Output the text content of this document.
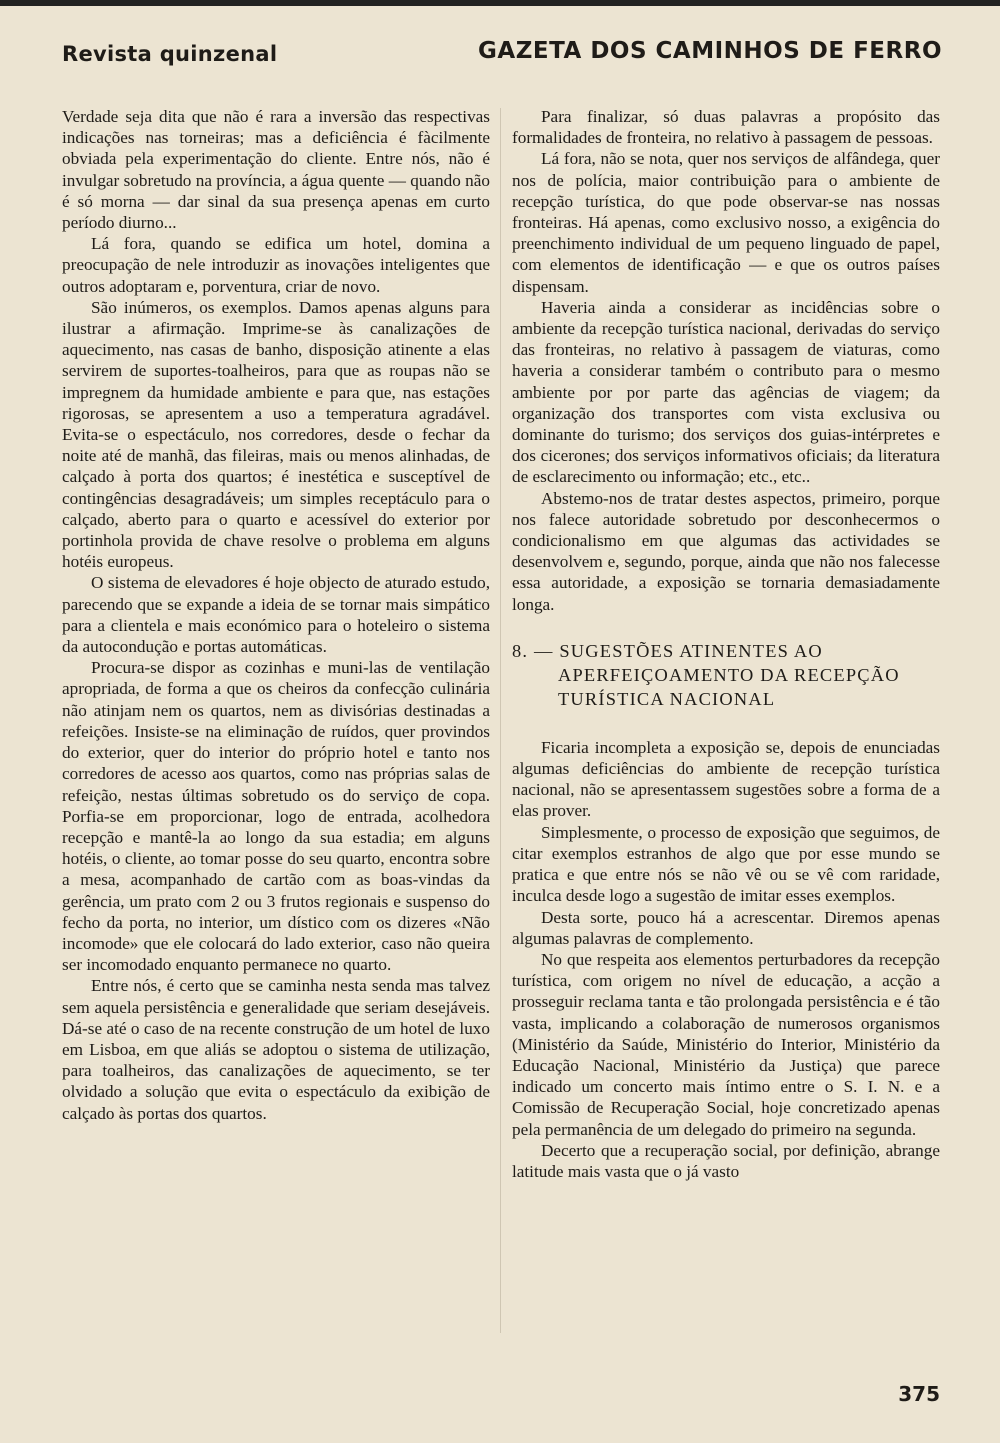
Revista quinzenal	GAZETA DOS CAMINHOS DE FERRO

Verdade seja dita que não é rara a inversão das respectivas indicações nas torneiras; mas a deficiência é fàcilmente obviada pela experimentação do cliente. Entre nós, não é invulgar sobretudo na província, a água quente — quando não é só morna — dar sinal da sua presença apenas em curto período diurno...

Lá fora, quando se edifica um hotel, domina a preocupação de nele introduzir as inovações inteligentes que outros adoptaram e, porventura, criar de novo.

São inúmeros, os exemplos. Damos apenas alguns para ilustrar a afirmação. Imprime-se às canalizações de aquecimento, nas casas de banho, disposição atinente a elas servirem de suportes-toalheiros, para que as roupas não se impregnem da humidade ambiente e para que, nas estações rigorosas, se apresentem a uso a temperatura agradável. Evita-se o espectáculo, nos corredores, desde o fechar da noite até de manhã, das fileiras, mais ou menos alinhadas, de calçado à porta dos quartos; é inestética e susceptível de contingências desagradáveis; um simples receptáculo para o calçado, aberto para o quarto e acessível do exterior por portinhola provida de chave resolve o problema em alguns hotéis europeus.

O sistema de elevadores é hoje objecto de aturado estudo, parecendo que se expande a ideia de se tornar mais simpático para a clientela e mais económico para o hoteleiro o sistema da autocondução e portas automáticas.

Procura-se dispor as cozinhas e muni-las de ventilação apropriada, de forma a que os cheiros da confecção culinária não atinjam nem os quartos, nem as divisórias destinadas a refeições. Insiste-se na eliminação de ruídos, quer provindos do exterior, quer do interior do próprio hotel e tanto nos corredores de acesso aos quartos, como nas próprias salas de refeição, nestas últimas sobretudo os do serviço de copa. Porfia-se em proporcionar, logo de entrada, acolhedora recepção e mantê-la ao longo da sua estadia; em alguns hotéis, o cliente, ao tomar posse do seu quarto, encontra sobre a mesa, acompanhado de cartão com as boas-vindas da gerência, um prato com 2 ou 3 frutos regionais e suspenso do fecho da porta, no interior, um dístico com os dizeres «Não incomode» que ele colocará do lado exterior, caso não queira ser incomodado enquanto permanece no quarto.

Entre nós, é certo que se caminha nesta senda mas talvez sem aquela persistência e generalidade que seriam desejáveis. Dá-se até o caso de na recente construção de um hotel de luxo em Lisboa, em que aliás se adoptou o sistema de utilização, para toalheiros, das canalizações de aquecimento, se ter olvidado a solução que evita o espectáculo da exibição de calçado às portas dos quartos.

Para finalizar, só duas palavras a propósito das formalidades de fronteira, no relativo à passagem de pessoas.

Lá fora, não se nota, quer nos serviços de alfândega, quer nos de polícia, maior contribuição para o ambiente de recepção turística, do que pode observar-se nas nossas fronteiras. Há apenas, como exclusivo nosso, a exigência do preenchimento individual de um pequeno linguado de papel, com elementos de identificação — e que os outros países dispensam.

Haveria ainda a considerar as incidências sobre o ambiente da recepção turística nacional, derivadas do serviço das fronteiras, no relativo à passagem de viaturas, como haveria a considerar também o contributo para o mesmo ambiente por por parte das agências de viagem; da organização dos transportes com vista exclusiva ou dominante do turismo; dos serviços dos guias-intérpretes e dos cicerones; dos serviços informativos oficiais; da literatura de esclarecimento ou informação; etc., etc..

Abstemo-nos de tratar destes aspectos, primeiro, porque nos falece autoridade sobretudo por desconhecermos o condicionalismo em que algumas das actividades se desenvolvem e, segundo, porque, ainda que não nos falecesse essa autoridade, a exposição se tornaria demasiadamente longa.

8. — SUGESTÕES ATINENTES AO APERFEIÇOAMENTO DA RECEPÇÃO TURÍSTICA NACIONAL

Ficaria incompleta a exposição se, depois de enunciadas algumas deficiências do ambiente de recepção turística nacional, não se apresentassem sugestões sobre a forma de a elas prover.

Simplesmente, o processo de exposição que seguimos, de citar exemplos estranhos de algo que por esse mundo se pratica e que entre nós se não vê ou se vê com raridade, inculca desde logo a sugestão de imitar esses exemplos.

Desta sorte, pouco há a acrescentar. Diremos apenas algumas palavras de complemento.

No que respeita aos elementos perturbadores da recepção turística, com origem no nível de educação, a acção a prosseguir reclama tanta e tão prolongada persistência e é tão vasta, implicando a colaboração de numerosos organismos (Ministério da Saúde, Ministério do Interior, Ministério da Educação Nacional, Ministério da Justiça) que parece indicado um concerto mais íntimo entre o S. I. N. e a Comissão de Recuperação Social, hoje concretizado apenas pela permanência de um delegado do primeiro na segunda.

Decerto que a recuperação social, por definição, abrange latitude mais vasta que o já vasto

375
